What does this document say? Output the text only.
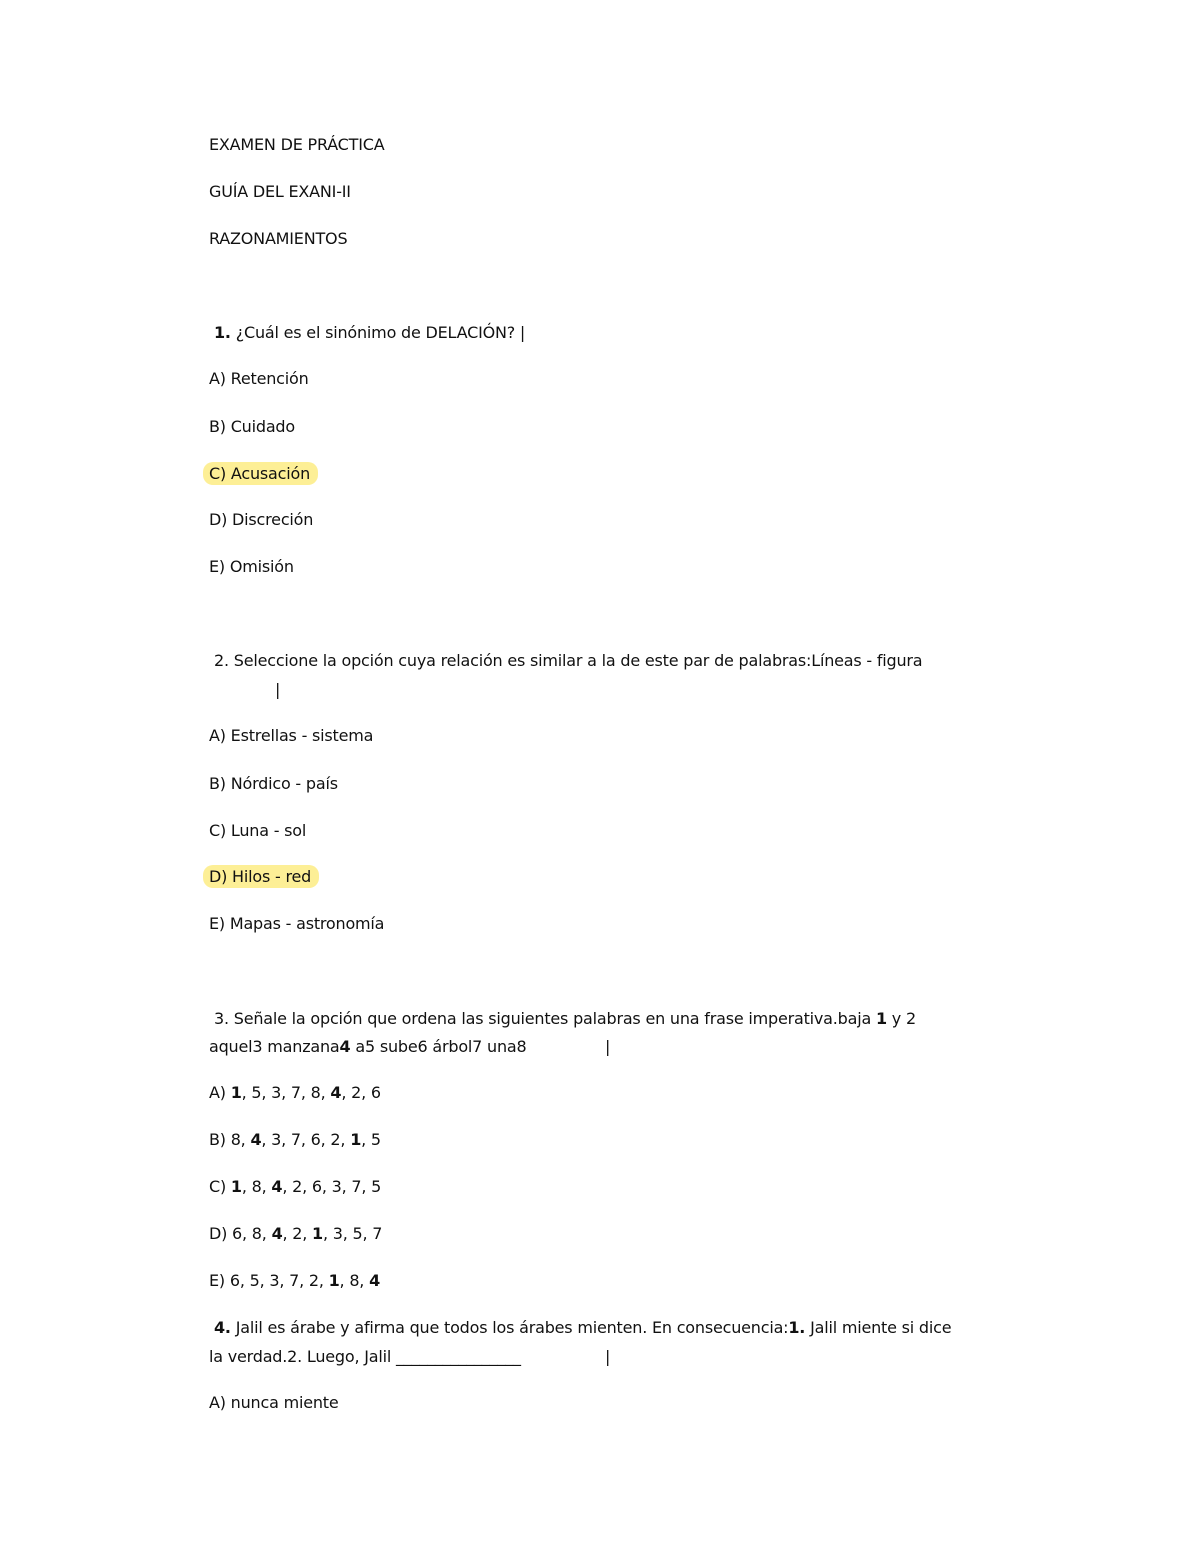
EXAMEN DE PRÁCTICA
GUÍA DEL EXANI-II
RAZONAMIENTOS
1. ¿Cuál es el sinónimo de DELACIÓN? |
A) Retención
B) Cuidado
C) Acusación
D) Discreción
E) Omisión
2. Seleccione la opción cuya relación es similar a la de este par de palabras:Líneas - figura
|
A) Estrellas - sistema
B) Nórdico - país
C) Luna - sol
D) Hilos - red
E) Mapas - astronomía
3. Señale la opción que ordena las siguientes palabras en una frase imperativa.baja 1 y 2
aquel3 manzana4 a5 sube6 árbol7 una8	|
A) 1, 5, 3, 7, 8, 4, 2, 6
B) 8, 4, 3, 7, 6, 2, 1, 5
C) 1, 8, 4, 2, 6, 3, 7, 5
D) 6, 8, 4, 2, 1, 3, 5, 7
E) 6, 5, 3, 7, 2, 1, 8, 4
4. Jalil es árabe y afirma que todos los árabes mienten. En consecuencia:1. Jalil miente si dice
la verdad.2. Luego, Jalil ________________	|
A) nunca miente
